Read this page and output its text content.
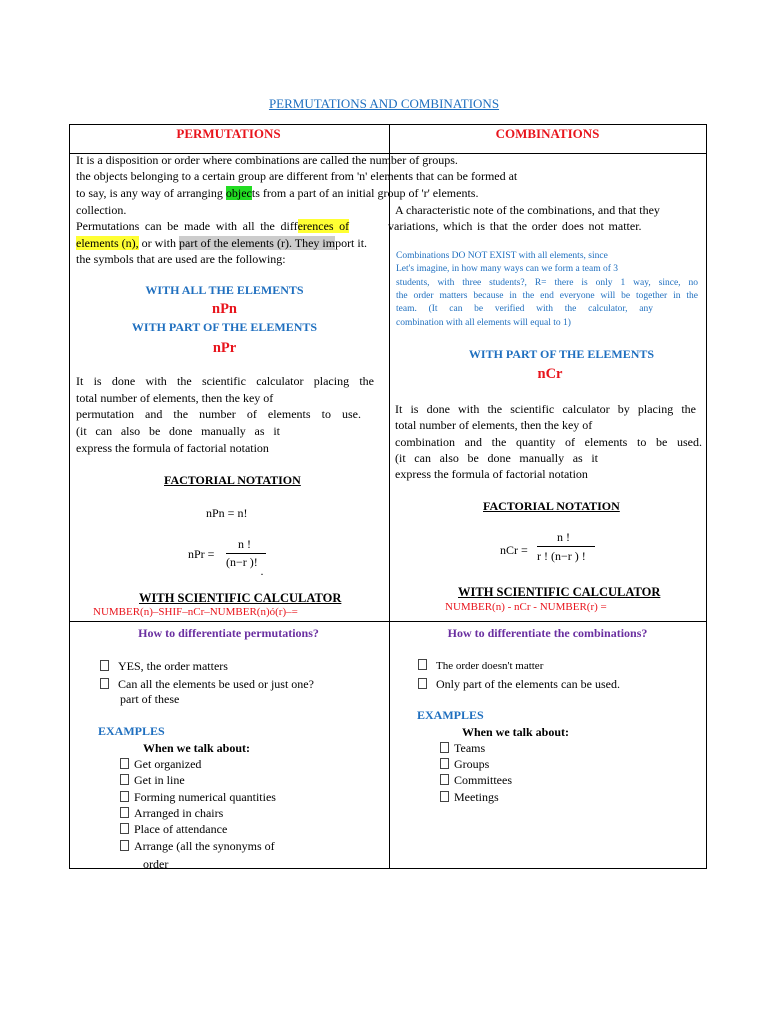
PERMUTATIONS AND COMBINATIONS
PERMUTATIONS	COMBINATIONS
It is a disposition or order where combinations are called the number of groups.
the objects belonging to a certain group are different from 'n' elements that can be formed at
to say, is any way of arranging objects from a part of an initial group of 'r' elements.
collection.
Permutations can be made with all the differences of
elements (n), or with part of the elements (r). They import it.
the symbols that are used are the following:
WITH ALL THE ELEMENTS
nPn
WITH PART OF THE ELEMENTS
nPr
It is done with the scientific calculator placing the
total number of elements, then the key of
permutation and the number of elements to use.
(it can also be done manually as it
express the formula of factorial notation
FACTORIAL NOTATION
nPn = n!
nPr =
n !
(n−r )!
·
WITH SCIENTIFIC CALCULATOR
NUMBER(n)–SHIF–nCr–NUMBER(n)ó(r)–=
A characteristic note of the combinations, and that they
variations, which is that the order does not matter.
Combinations DO NOT EXIST with all elements, since
Let's imagine, in how many ways can we form a team of 3
students, with three students?, R= there is only 1 way, since, no
the order matters because in the end everyone will be together in the
team. (It can be verified with the calculator, any
combination with all elements will equal to 1)
WITH PART OF THE ELEMENTS
nCr
It is done with the scientific calculator by placing the
total number of elements, then the key of
combination and the quantity of elements to be used.
(it can also be done manually as it
express the formula of factorial notation
FACTORIAL NOTATION
nCr =
n !
r ! (n−r ) !
WITH SCIENTIFIC CALCULATOR
NUMBER(n) - nCr - NUMBER(r) =
How to differentiate permutations?
YES, the order matters
Can all the elements be used or just one?
part of these
EXAMPLES
When we talk about:
Get organized
Get in line
Forming numerical quantities
Arranged in chairs
Place of attendance
Arrange (all the synonyms of
order
How to differentiate the combinations?
The order doesn't matter
Only part of the elements can be used.
EXAMPLES
When we talk about:
Teams
Groups
Committees
Meetings
